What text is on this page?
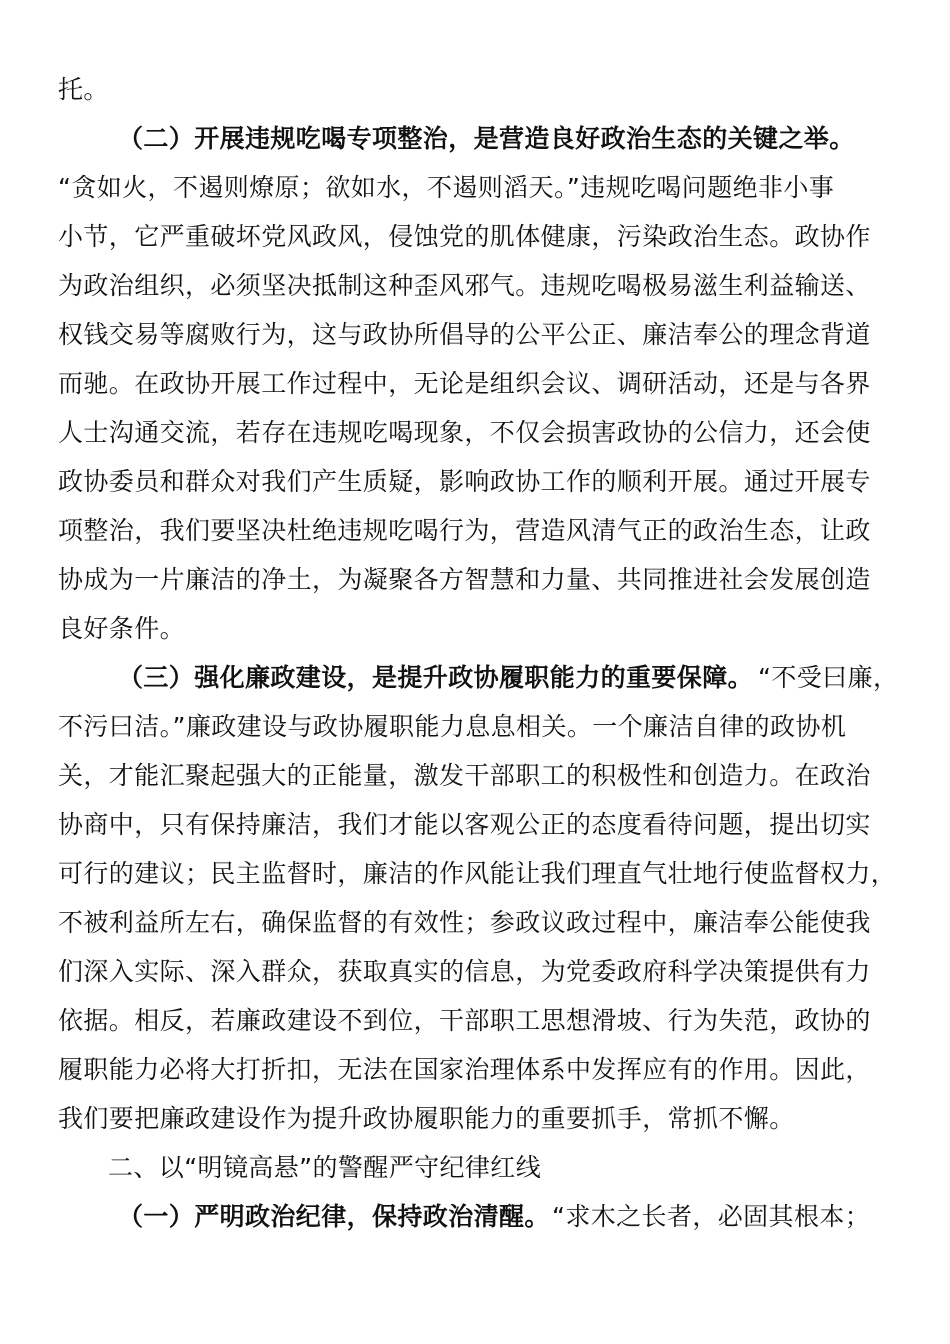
托。
（二）开展违规吃喝专项整治，是营造良好政治生态的关键之举。
“贪如火，不遏则燎原；欲如水，不遏则滔天。”违规吃喝问题绝非小事
小节，它严重破坏党风政风，侵蚀党的肌体健康，污染政治生态。政协作
为政治组织，必须坚决抵制这种歪风邪气。违规吃喝极易滋生利益输送、
权钱交易等腐败行为，这与政协所倡导的公平公正、廉洁奉公的理念背道
而驰。在政协开展工作过程中，无论是组织会议、调研活动，还是与各界
人士沟通交流，若存在违规吃喝现象，不仅会损害政协的公信力，还会使
政协委员和群众对我们产生质疑，影响政协工作的顺利开展。通过开展专
项整治，我们要坚决杜绝违规吃喝行为，营造风清气正的政治生态，让政
协成为一片廉洁的净土，为凝聚各方智慧和力量、共同推进社会发展创造
良好条件。
（三）强化廉政建设，是提升政协履职能力的重要保障。 “不受曰廉，
不污曰洁。”廉政建设与政协履职能力息息相关。一个廉洁自律的政协机
关，才能汇聚起强大的正能量，激发干部职工的积极性和创造力。在政治
协商中，只有保持廉洁，我们才能以客观公正的态度看待问题，提出切实
可行的建议；民主监督时，廉洁的作风能让我们理直气壮地行使监督权力，
不被利益所左右，确保监督的有效性；参政议政过程中，廉洁奉公能使我
们深入实际、深入群众，获取真实的信息，为党委政府科学决策提供有力
依据。相反，若廉政建设不到位，干部职工思想滑坡、行为失范，政协的
履职能力必将大打折扣，无法在国家治理体系中发挥应有的作用。因此，
我们要把廉政建设作为提升政协履职能力的重要抓手，常抓不懈。
二、以“明镜高悬”的警醒严守纪律红线
（一）严明政治纪律，保持政治清醒。 “求木之长者，必固其根本；
